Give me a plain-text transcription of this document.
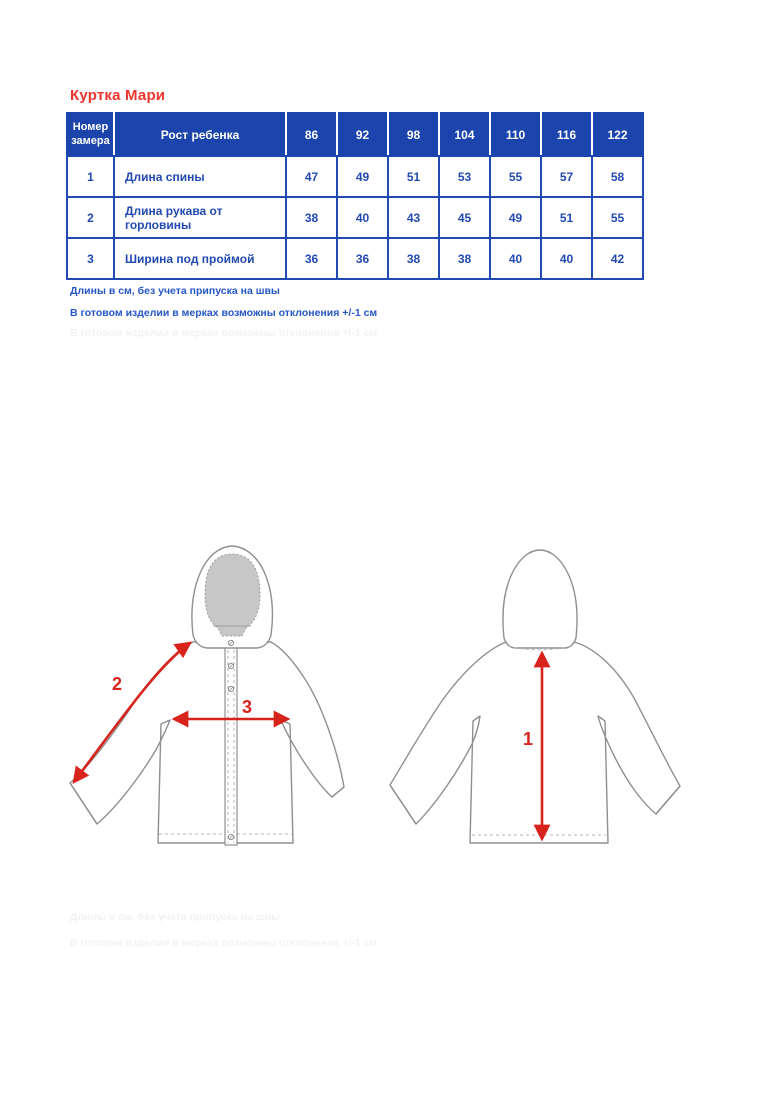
Куртка Мари

Номер замера	Рост ребенка	86	92	98	104	110	116	122
1	Длина спины	47	49	51	53	55	57	58
2	Длина рукава от горловины	38	40	43	45	49	51	55
3	Ширина под проймой	36	36	38	38	40	40	42

Длины в см, без учета припуска на швы

В готовом изделии в мерках возможны отклонения +/-1 см

В готовом изделии в мерках возможны отклонения +/-1 см

Длины в см, без учета припуска на швы

В готовом изделии в мерках возможны отклонения +/-1 см

2
3
1
